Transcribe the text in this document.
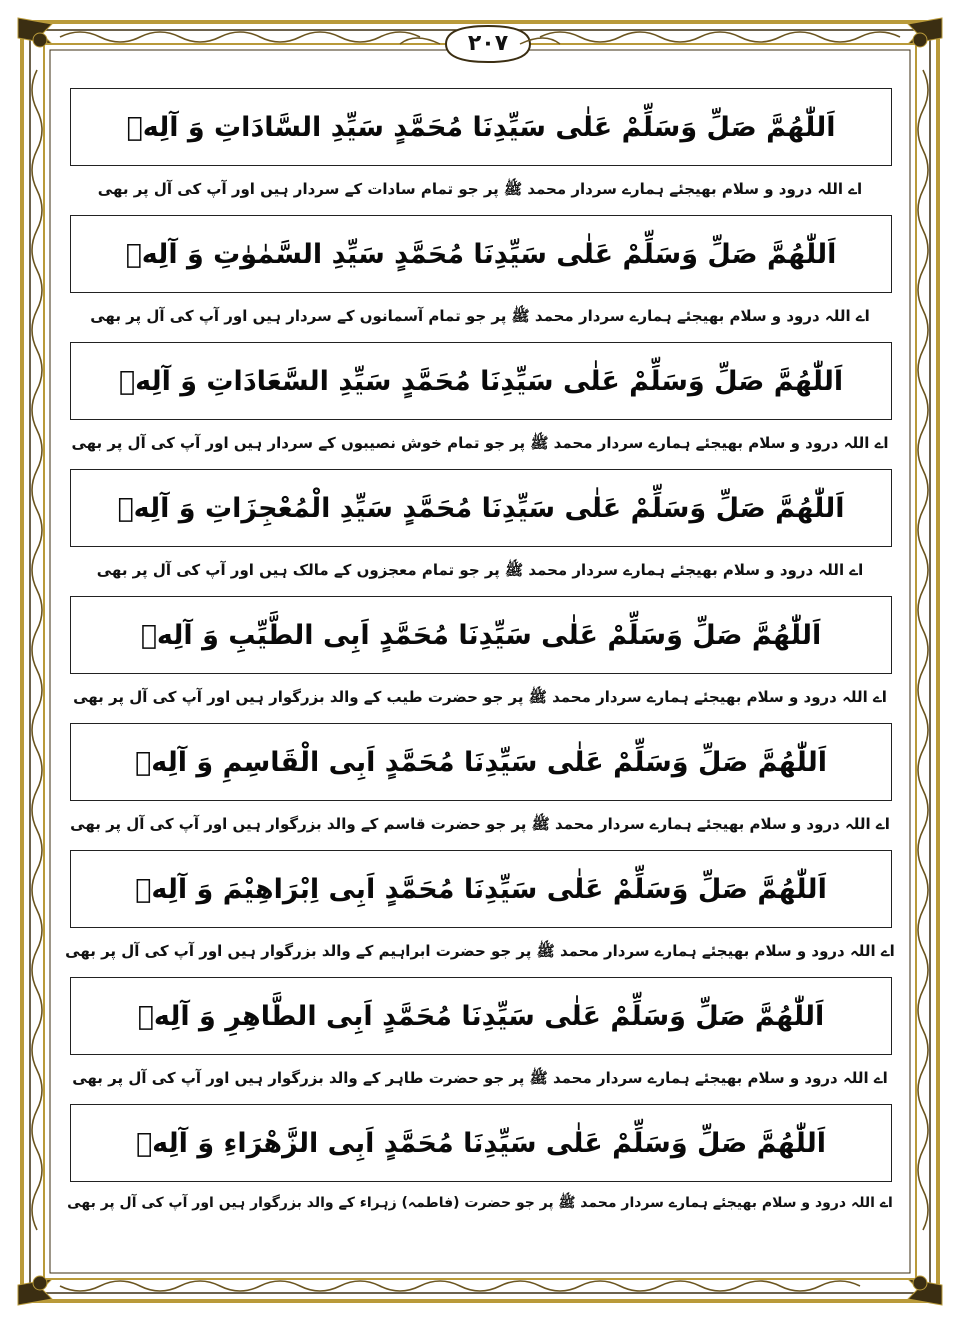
٢٠٧
اَللّٰهُمَّ صَلِّ وَسَلِّمْ عَلٰى سَيِّدِنَا مُحَمَّدٍ سَيِّدِ السَّادَاتِ وَ آلِهٖ
اے اللہ درود و سلام بھیجئے ہمارے سردار محمد ﷺ پر جو تمام سادات کے سردار ہیں اور آپ کی آل پر بھی
اَللّٰهُمَّ صَلِّ وَسَلِّمْ عَلٰى سَيِّدِنَا مُحَمَّدٍ سَيِّدِ السَّمٰوٰتِ وَ آلِهٖ
اے اللہ درود و سلام بھیجئے ہمارے سردار محمد ﷺ پر جو تمام آسمانوں کے سردار ہیں اور آپ کی آل پر بھی
اَللّٰهُمَّ صَلِّ وَسَلِّمْ عَلٰى سَيِّدِنَا مُحَمَّدٍ سَيِّدِ السَّعَادَاتِ وَ آلِهٖ
اے اللہ درود و سلام بھیجئے ہمارے سردار محمد ﷺ پر جو تمام خوش نصیبوں کے سردار ہیں اور آپ کی آل پر بھی
اَللّٰهُمَّ صَلِّ وَسَلِّمْ عَلٰى سَيِّدِنَا مُحَمَّدٍ سَيِّدِ الْمُعْجِزَاتِ وَ آلِهٖ
اے اللہ درود و سلام بھیجئے ہمارے سردار محمد ﷺ پر جو تمام معجزوں کے مالک ہیں اور آپ کی آل پر بھی
اَللّٰهُمَّ صَلِّ وَسَلِّمْ عَلٰى سَيِّدِنَا مُحَمَّدٍ اَبِى الطَّيِّبِ وَ آلِهٖ
اے اللہ درود و سلام بھیجئے ہمارے سردار محمد ﷺ پر جو حضرت طیب کے والد بزرگوار ہیں اور آپ کی آل پر بھی
اَللّٰهُمَّ صَلِّ وَسَلِّمْ عَلٰى سَيِّدِنَا مُحَمَّدٍ اَبِى الْقَاسِمِ وَ آلِهٖ
اے اللہ درود و سلام بھیجئے ہمارے سردار محمد ﷺ پر جو حضرت قاسم کے والد بزرگوار ہیں اور آپ کی آل پر بھی
اَللّٰهُمَّ صَلِّ وَسَلِّمْ عَلٰى سَيِّدِنَا مُحَمَّدٍ اَبِى اِبْرَاهِيْمَ وَ آلِهٖ
اے اللہ درود و سلام بھیجئے ہمارے سردار محمد ﷺ پر جو حضرت ابراہیم کے والد بزرگوار ہیں اور آپ کی آل پر بھی
اَللّٰهُمَّ صَلِّ وَسَلِّمْ عَلٰى سَيِّدِنَا مُحَمَّدٍ اَبِى الطَّاهِرِ وَ آلِهٖ
اے اللہ درود و سلام بھیجئے ہمارے سردار محمد ﷺ پر جو حضرت طاہر کے والد بزرگوار ہیں اور آپ کی آل پر بھی
اَللّٰهُمَّ صَلِّ وَسَلِّمْ عَلٰى سَيِّدِنَا مُحَمَّدٍ اَبِى الزَّهْرَاءِ وَ آلِهٖ
اے اللہ درود و سلام بھیجئے ہمارے سردار محمد ﷺ پر جو حضرت (فاطمہ) زہراء کے والد بزرگوار ہیں اور آپ کی آل پر بھی
